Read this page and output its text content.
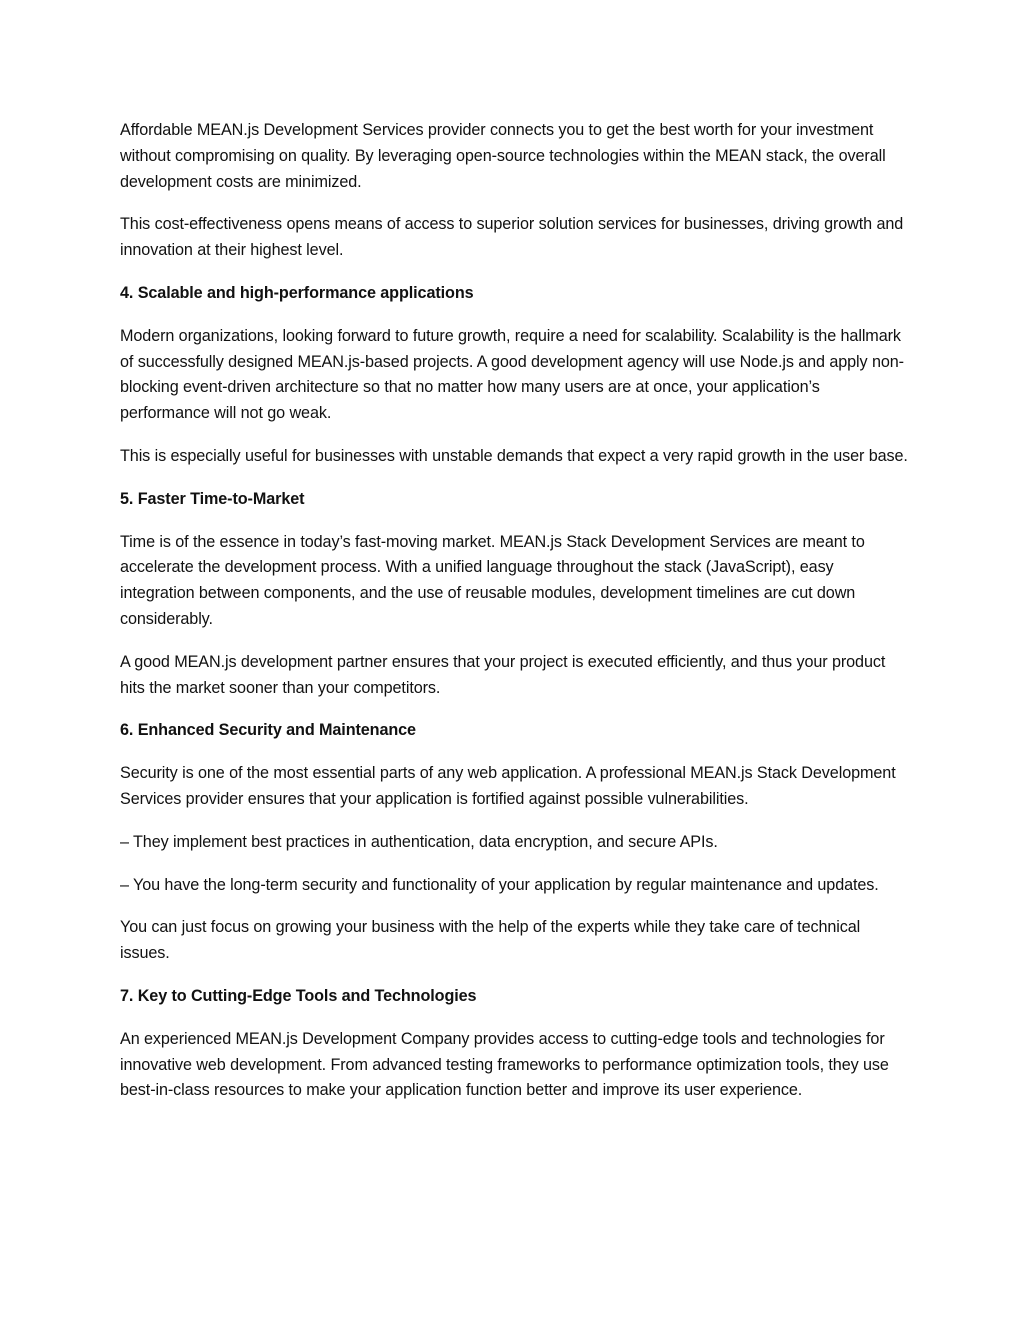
Affordable MEAN.js Development Services provider connects you to get the best worth for your investment without compromising on quality. By leveraging open-source technologies within the MEAN stack, the overall development costs are minimized.

This cost-effectiveness opens means of access to superior solution services for businesses, driving growth and innovation at their highest level.

4. Scalable and high-performance applications

Modern organizations, looking forward to future growth, require a need for scalability. Scalability is the hallmark of successfully designed MEAN.js-based projects. A good development agency will use Node.js and apply non-blocking event-driven architecture so that no matter how many users are at once, your application’s performance will not go weak.

This is especially useful for businesses with unstable demands that expect a very rapid growth in the user base.

5. Faster Time-to-Market

Time is of the essence in today’s fast-moving market. MEAN.js Stack Development Services are meant to accelerate the development process. With a unified language throughout the stack (JavaScript), easy integration between components, and the use of reusable modules, development timelines are cut down considerably.

A good MEAN.js development partner ensures that your project is executed efficiently, and thus your product hits the market sooner than your competitors.

6. Enhanced Security and Maintenance

Security is one of the most essential parts of any web application. A professional MEAN.js Stack Development Services provider ensures that your application is fortified against possible vulnerabilities.

– They implement best practices in authentication, data encryption, and secure APIs.

– You have the long-term security and functionality of your application by regular maintenance and updates.

You can just focus on growing your business with the help of the experts while they take care of technical issues.

7. Key to Cutting-Edge Tools and Technologies

An experienced MEAN.js Development Company provides access to cutting-edge tools and technologies for innovative web development. From advanced testing frameworks to performance optimization tools, they use best-in-class resources to make your application function better and improve its user experience.
